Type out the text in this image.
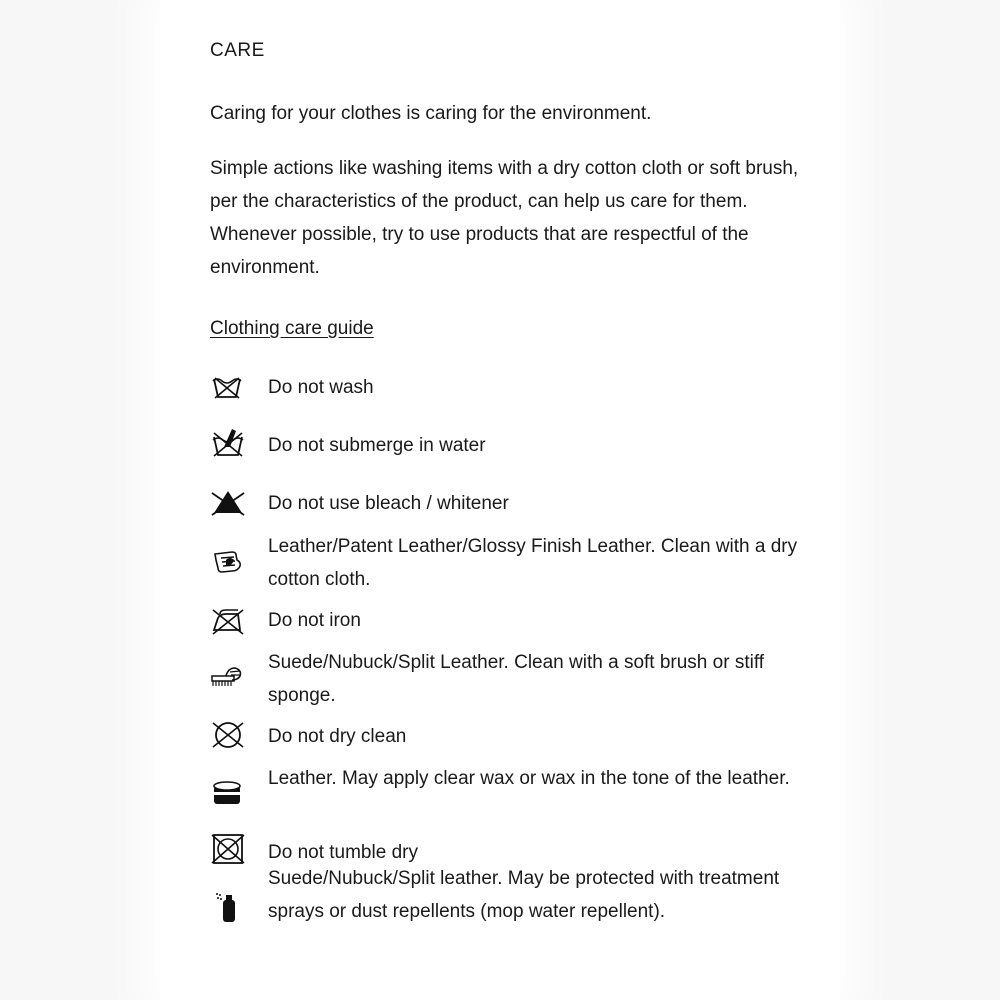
CARE
Caring for your clothes is caring for the environment.
Simple actions like washing items with a dry cotton cloth or soft brush, per the characteristics of the product, can help us care for them. Whenever possible, try to use products that are respectful of the environment.
Clothing care guide
Do not wash
Do not submerge in water
Do not use bleach / whitener
Leather/Patent Leather/Glossy Finish Leather. Clean with a dry cotton cloth.
Do not iron
Suede/Nubuck/Split Leather. Clean with a soft brush or stiff sponge.
Do not dry clean
Leather. May apply clear wax or wax in the tone of the leather.
Do not tumble dry
Suede/Nubuck/Split leather. May be protected with treatment sprays or dust repellents (mop water repellent).
